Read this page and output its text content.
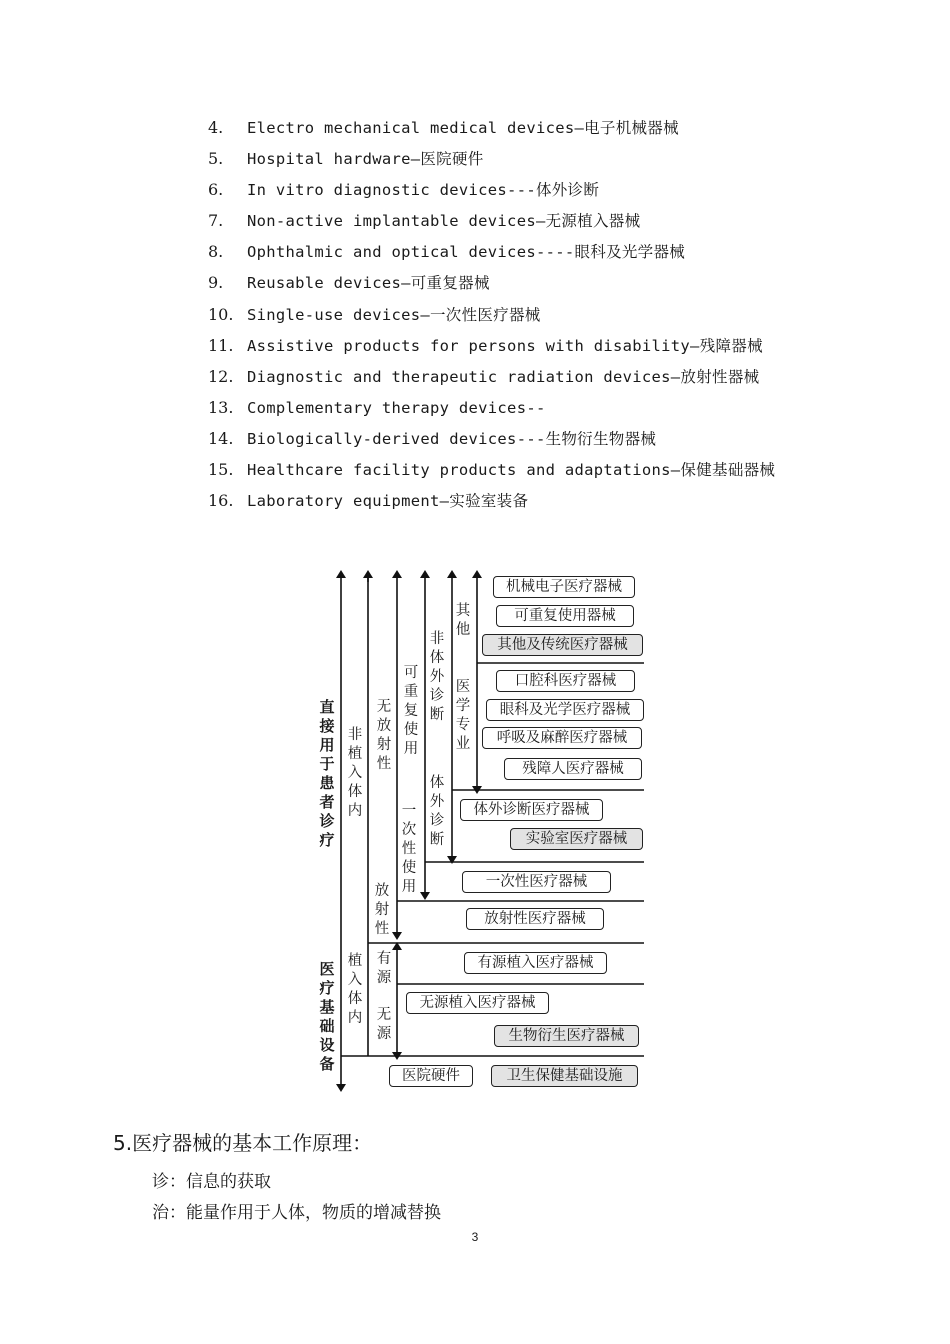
4. Electro mechanical medical devices—电子机械器械
5. Hospital hardware—医院硬件
6. In vitro diagnostic devices---体外诊断
7. Non-active implantable devices—无源植入器械
8. Ophthalmic and optical devices----眼科及光学器械
9. Reusable devices—可重复器械
10. Single-use devices—一次性医疗器械
11. Assistive products for persons with disability—残障器械
12. Diagnostic and therapeutic radiation devices—放射性器械
13. Complementary therapy devices--
14. Biologically-derived devices---生物衍生物器械
15. Healthcare facility products and adaptations—保健基础器械
16. Laboratory equipment—实验室装备
直接用于患者诊疗
医疗基础设备
非植入体内
植入体内
无放射性
放射性
有源
无源
可重复使用
一次性使用
非体外诊断
体外诊断
其他
医学专业
机械电子医疗器械
可重复使用器械
其他及传统医疗器械
口腔科医疗器械
眼科及光学医疗器械
呼吸及麻醉医疗器械
残障人医疗器械
体外诊断医疗器械
实验室医疗器械
一次性医疗器械
放射性医疗器械
有源植入医疗器械
无源植入医疗器械
生物衍生医疗器械
医院硬件	卫生保健基础设施
5.医疗器械的基本工作原理：

诊：信息的获取

治：能量作用于人体，物质的增减替换

3
